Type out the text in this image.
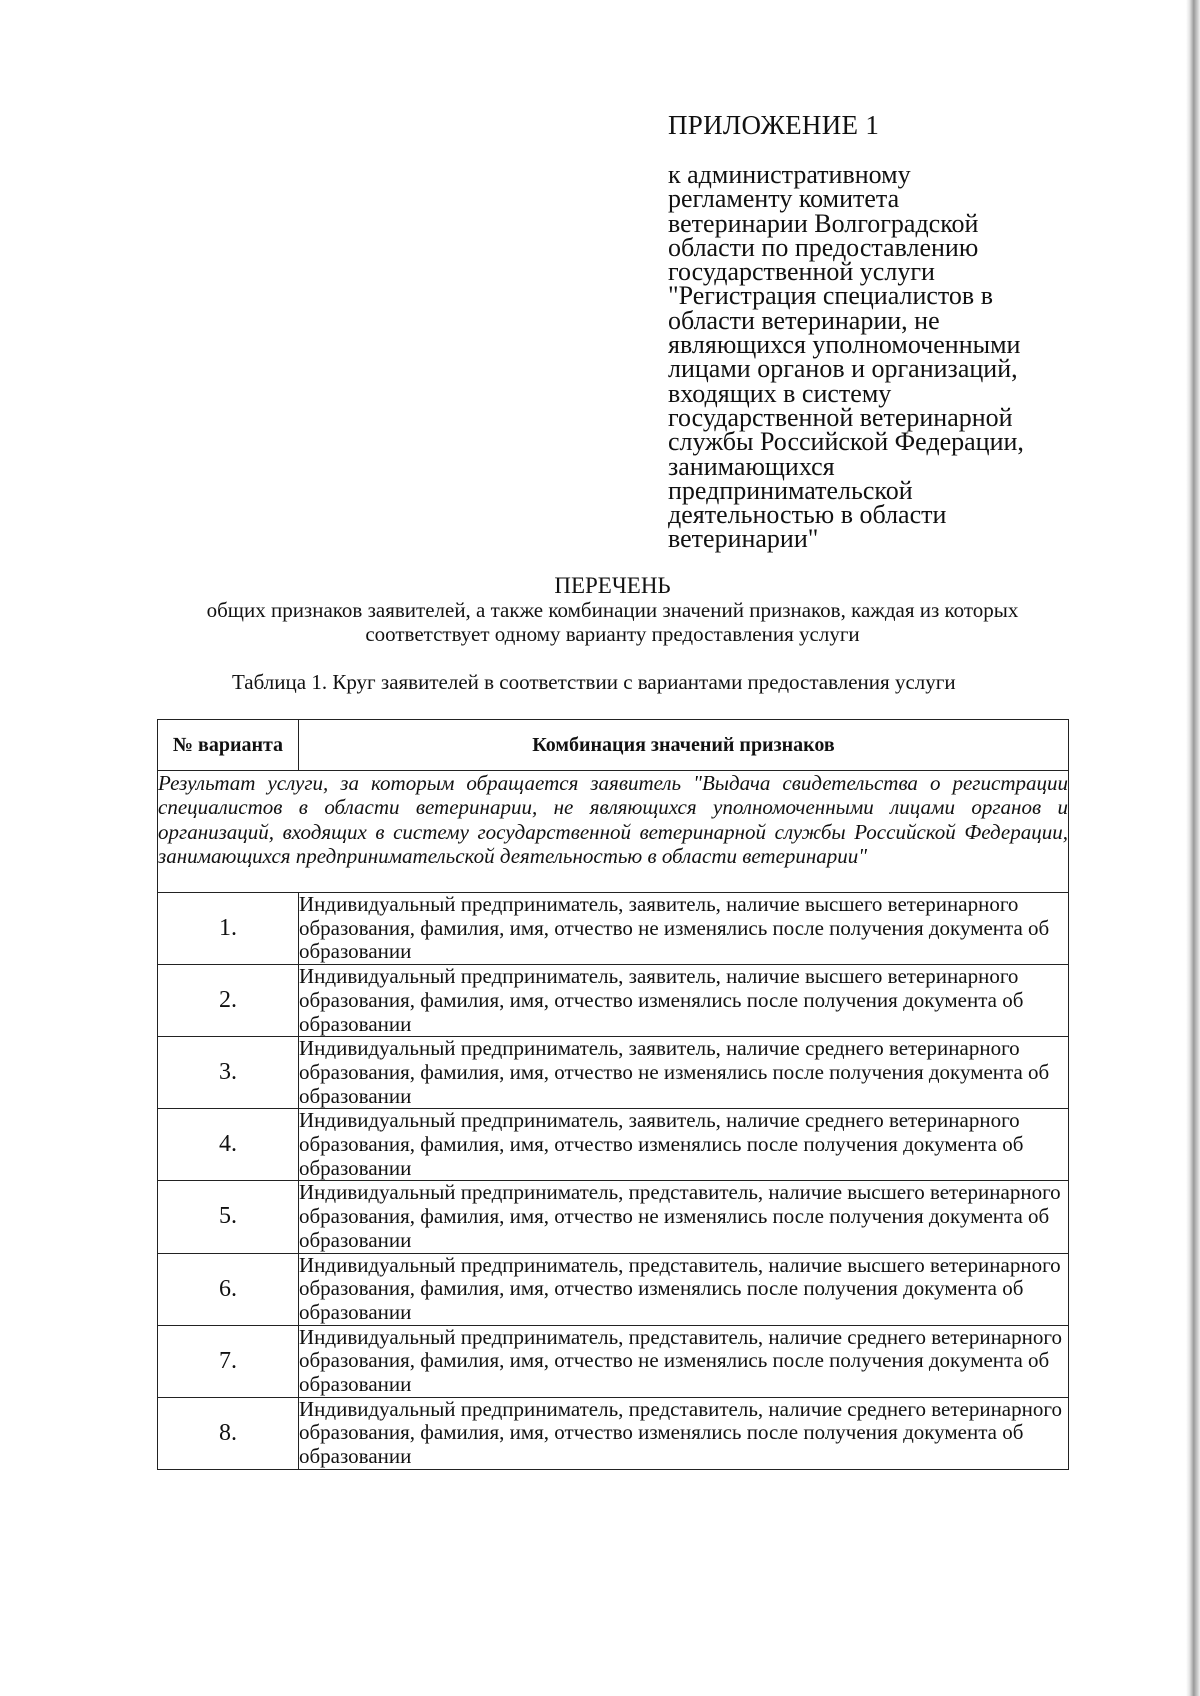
ПРИЛОЖЕНИЕ 1
к административному
регламенту комитета
ветеринарии Волгоградской
области по предоставлению
государственной услуги
"Регистрация специалистов в
области ветеринарии, не
являющихся уполномоченными
лицами органов и организаций,
входящих в систему
государственной ветеринарной
службы Российской Федерации,
занимающихся
предпринимательской
деятельностью в области
ветеринарии"
ПЕРЕЧЕНЬ
общих признаков заявителей, а также комбинации значений признаков, каждая из которых соответствует одному варианту предоставления услуги
Таблица 1. Круг заявителей в соответствии с вариантами предоставления услуги
№ варианта	Комбинация значений признаков
Результат услуги, за которым обращается заявитель "Выдача свидетельства о регистрации специалистов в области ветеринарии, не являющихся уполномоченными лицами органов и организаций, входящих в систему государственной ветеринарной службы Российской Федерации, занимающихся предпринимательской деятельностью в области ветеринарии"	
1.	Индивидуальный предприниматель, заявитель, наличие высшего ветеринарного образования, фамилия, имя, отчество не изменялись после получения документа об образовании
2.	Индивидуальный предприниматель, заявитель, наличие высшего ветеринарного образования, фамилия, имя, отчество изменялись после получения документа об образовании
3.	Индивидуальный предприниматель, заявитель, наличие среднего ветеринарного образования, фамилия, имя, отчество не изменялись после получения документа об образовании
4.	Индивидуальный предприниматель, заявитель, наличие среднего ветеринарного образования, фамилия, имя, отчество изменялись после получения документа об образовании
5.	Индивидуальный предприниматель, представитель, наличие высшего ветеринарного образования, фамилия, имя, отчество не изменялись после получения документа об образовании
6.	Индивидуальный предприниматель, представитель, наличие высшего ветеринарного образования, фамилия, имя, отчество изменялись после получения документа об образовании
7.	Индивидуальный предприниматель, представитель, наличие среднего ветеринарного образования, фамилия, имя, отчество не изменялись после получения документа об образовании
8.	Индивидуальный предприниматель, представитель, наличие среднего ветеринарного образования, фамилия, имя, отчество изменялись после получения документа об образовании
